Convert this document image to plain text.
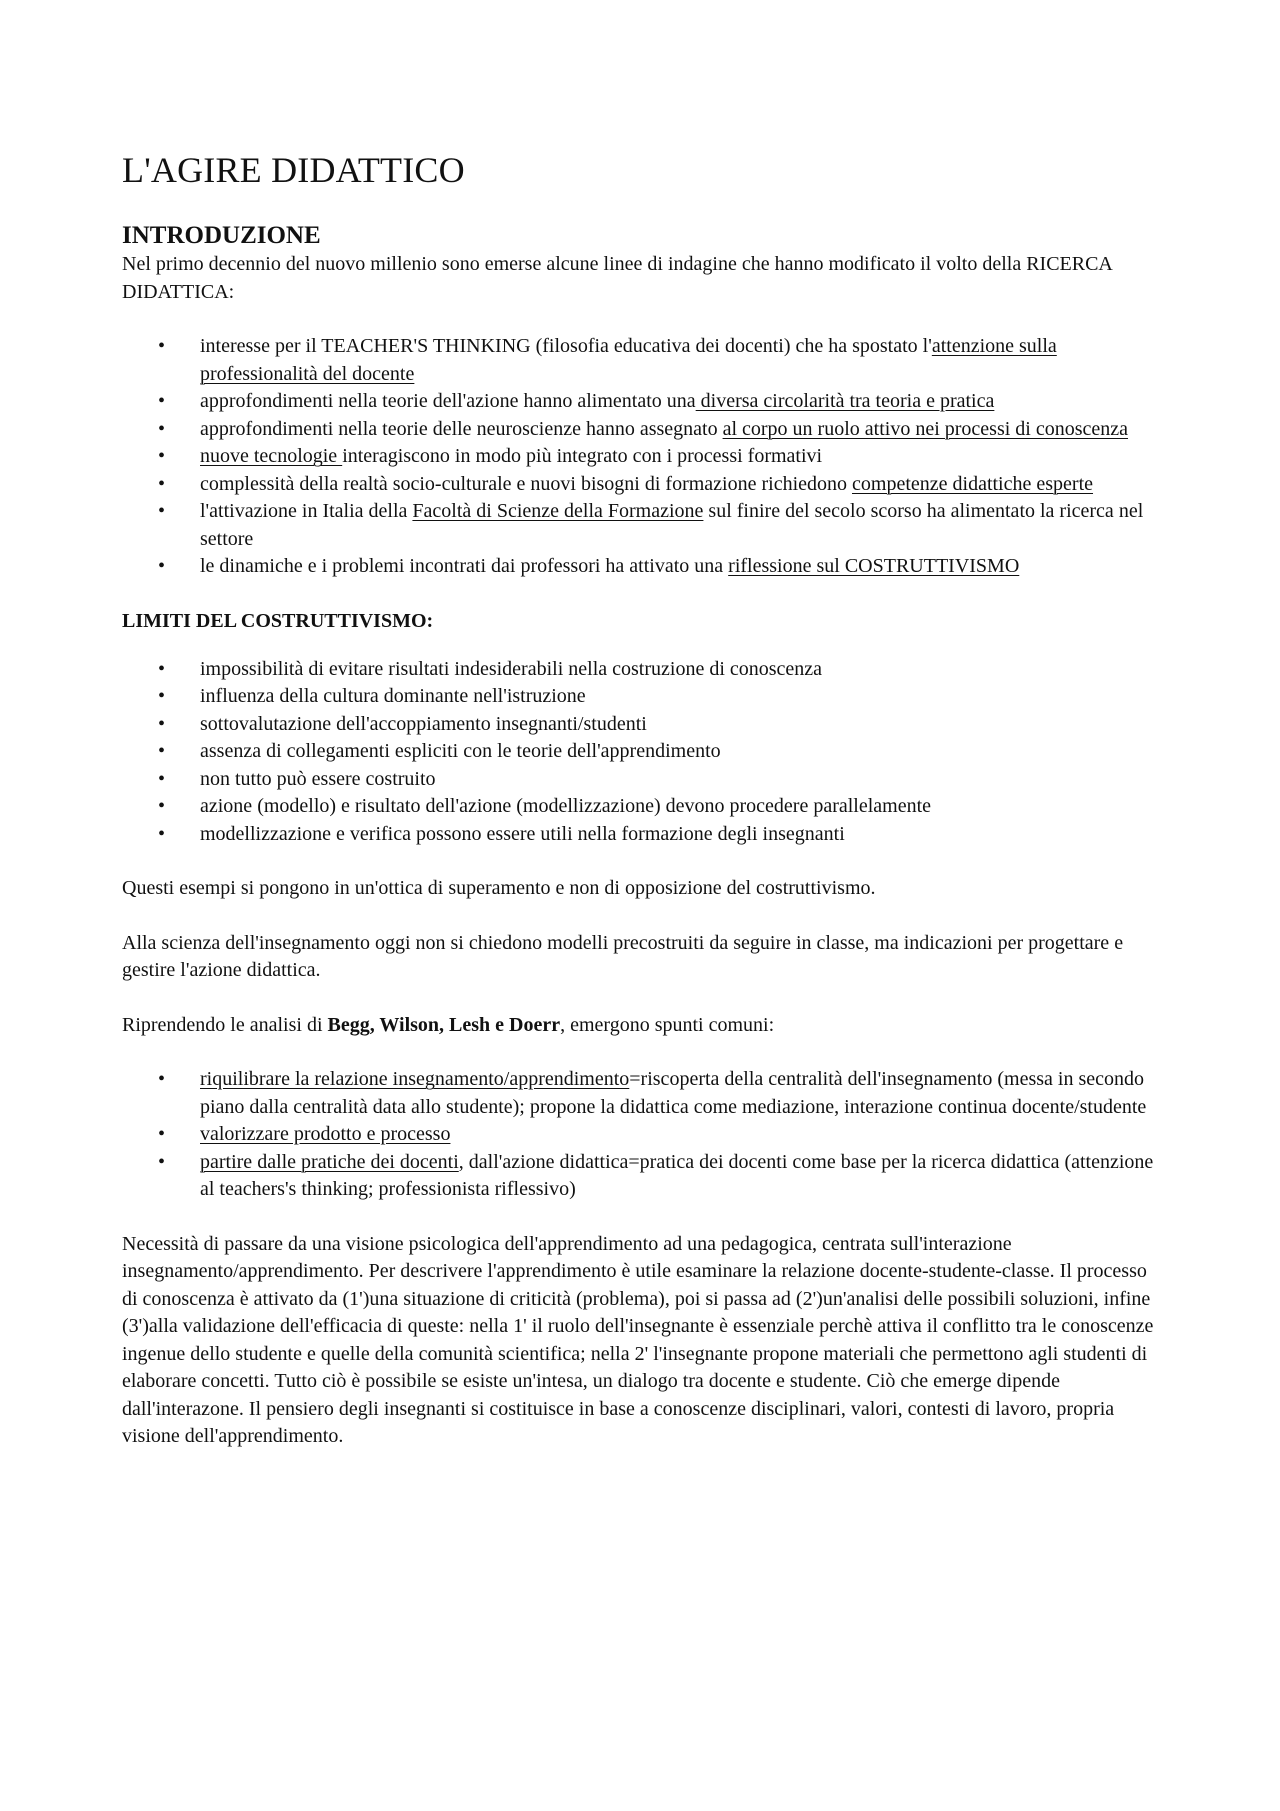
L'AGIRE DIDATTICO
INTRODUZIONE

Nel primo decennio del nuovo millenio sono emerse alcune linee di indagine che hanno modificato il volto della RICERCA DIDATTICA:

• interesse per il TEACHER'S THINKING (filosofia educativa dei docenti) che ha spostato l'attenzione sulla professionalità del docente
• approfondimenti nella teorie dell'azione hanno alimentato una diversa circolarità tra teoria e pratica
• approfondimenti nella teorie delle neuroscienze hanno assegnato al corpo un ruolo attivo nei processi di conoscenza
• nuove tecnologie interagiscono in modo più integrato con i processi formativi
• complessità della realtà socio-culturale e nuovi bisogni di formazione richiedono competenze didattiche esperte
• l'attivazione in Italia della Facoltà di Scienze della Formazione sul finire del secolo scorso ha alimentato la ricerca nel settore
• le dinamiche e i problemi incontrati dai professori ha attivato una riflessione sul COSTRUTTIVISMO
LIMITI DEL COSTRUTTIVISMO:
• impossibilità di evitare risultati indesiderabili nella costruzione di conoscenza
• influenza della cultura dominante nell'istruzione
• sottovalutazione dell'accoppiamento insegnanti/studenti
• assenza di collegamenti espliciti con le teorie dell'apprendimento
• non tutto può essere costruito
• azione (modello) e risultato dell'azione (modellizzazione) devono procedere parallelamente
• modellizzazione e verifica possono essere utili nella formazione degli insegnanti

Questi esempi si pongono in un'ottica di superamento e non di opposizione del costruttivismo.

Alla scienza dell'insegnamento oggi non si chiedono modelli precostruiti da seguire in classe, ma indicazioni per progettare e gestire l'azione didattica.

Riprendendo le analisi di Begg, Wilson, Lesh e Doerr, emergono spunti comuni:

• riquilibrare la relazione insegnamento/apprendimento=riscoperta della centralità dell'insegnamento (messa in secondo piano dalla centralità data allo studente); propone la didattica come mediazione, interazione continua docente/studente
• valorizzare prodotto e processo
• partire dalle pratiche dei docenti, dall'azione didattica=pratica dei docenti come base per la ricerca didattica (attenzione al teachers's thinking; professionista riflessivo)

Necessità di passare da una visione psicologica dell'apprendimento ad una pedagogica, centrata sull'interazione insegnamento/apprendimento. Per descrivere l'apprendimento è utile esaminare la relazione docente-studente-classe. Il processo di conoscenza è attivato da (1')una situazione di criticità (problema), poi si passa ad (2')un'analisi delle possibili soluzioni, infine (3')alla validazione dell'efficacia di queste: nella 1' il ruolo dell'insegnante è essenziale perchè attiva il conflitto tra le conoscenze ingenue dello studente e quelle della comunità scientifica; nella 2' l'insegnante propone materiali che permettono agli studenti di elaborare concetti. Tutto ciò è possibile se esiste un'intesa, un dialogo tra docente e studente. Ciò che emerge dipende dall'interazone. Il pensiero degli insegnanti si costituisce in base a conoscenze disciplinari, valori, contesti di lavoro, propria visione dell'apprendimento.
